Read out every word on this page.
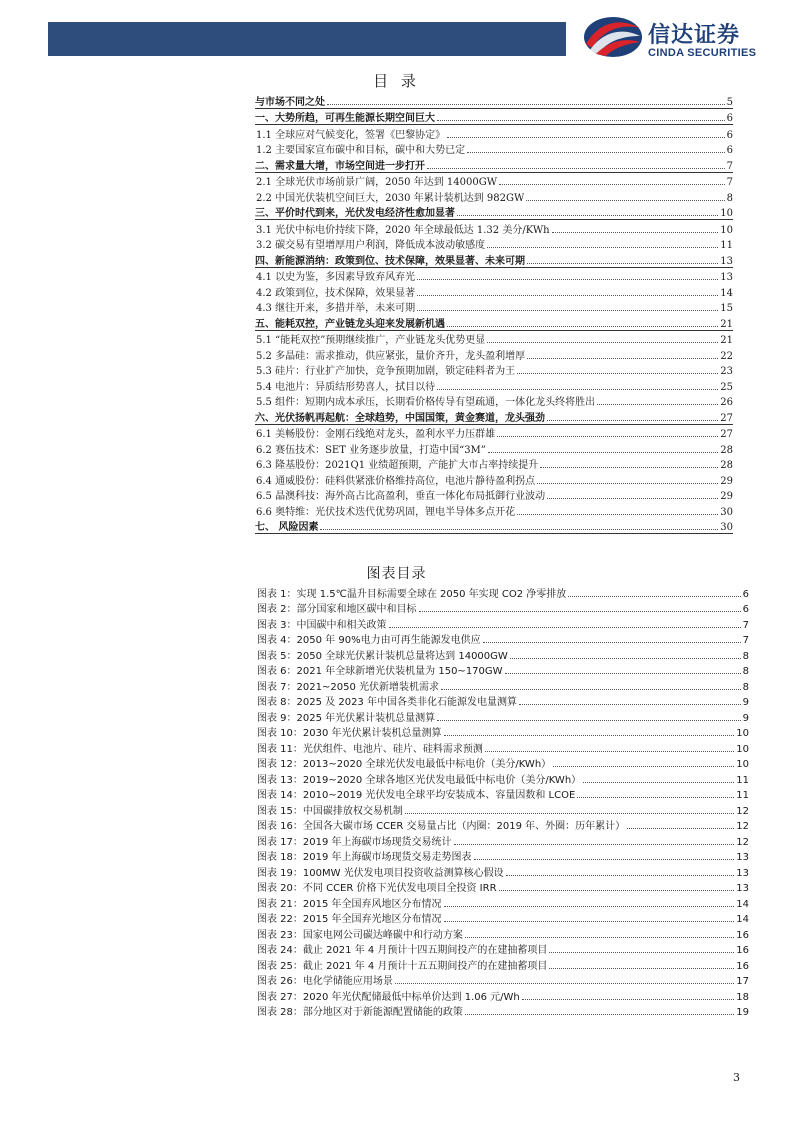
信达证券
CINDA SECURITIES
目 录
与市场不同之处	5
一、大势所趋，可再生能源长期空间巨大	6
1.1 全球应对气候变化，签署《巴黎协定》	6
1.2 主要国家宣布碳中和目标，碳中和大势已定	6
二、需求量大增，市场空间进一步打开	7
2.1 全球光伏市场前景广阔，2050 年达到 14000GW	7
2.2 中国光伏装机空间巨大，2030 年累计装机达到 982GW	8
三、平价时代到来，光伏发电经济性愈加显著	10
3.1 光伏中标电价持续下降，2020 年全球最低达 1.32 美分/KWh	10
3.2 碳交易有望增厚用户利润，降低成本波动敏感度	11
四、新能源消纳：政策到位、技术保障，效果显著、未来可期	13
4.1 以史为鉴，多因素导致弃风弃光	13
4.2 政策到位，技术保障，效果显著	14
4.3 继往开来，多措并举，未来可期	15
五、能耗双控，产业链龙头迎来发展新机遇	21
5.1 “能耗双控”预期继续推广，产业链龙头优势更显	21
5.2 多晶硅：需求推动，供应紧张，量价齐升，龙头盈利增厚	22
5.3 硅片：行业扩产加快，竞争预期加剧，锁定硅料者为王	23
5.4 电池片：异质结形势喜人，拭目以待	25
5.5 组件：短期内成本承压，长期看价格传导有望疏通，一体化龙头终将胜出	26
六、光伏扬帆再起航：全球趋势，中国国策，黄金赛道，龙头强劲	27
6.1 美畅股份：金刚石线绝对龙头，盈利水平力压群雄	27
6.2 赛伍技术：SET 业务逐步放量，打造中国“3M”	28
6.3 隆基股份：2021Q1 业绩超预期，产能扩大市占率持续提升	28
6.4 通威股份：硅料供紧涨价格维持高位，电池片静待盈利拐点	29
6.5 晶澳科技：海外高占比高盈利，垂直一体化布局抵御行业波动	29
6.6 奥特维：光伏技术迭代优势巩固，锂电半导体多点开花	30
七、 风险因素	30
图表目录
图表 1：实现 1.5℃温升目标需要全球在 2050 年实现 CO2 净零排放	6
图表 2：部分国家和地区碳中和目标	6
图表 3：中国碳中和相关政策	7
图表 4：2050 年 90%电力由可再生能源发电供应	7
图表 5：2050 全球光伏累计装机总量将达到 14000GW	8
图表 6：2021 年全球新增光伏装机量为 150~170GW	8
图表 7：2021~2050 光伏新增装机需求	8
图表 8：2025 及 2023 年中国各类非化石能源发电量测算	9
图表 9：2025 年光伏累计装机总量测算	9
图表 10：2030 年光伏累计装机总量测算	10
图表 11：光伏组件、电池片、硅片、硅料需求预测	10
图表 12：2013~2020 全球光伏发电最低中标电价（美分/KWh）	10
图表 13：2019~2020 全球各地区光伏发电最低中标电价（美分/KWh）	11
图表 14：2010~2019 光伏发电全球平均安装成本、容量因数和 LCOE	11
图表 15：中国碳排放权交易机制	12
图表 16：全国各大碳市场 CCER 交易量占比（内圈：2019 年、外圈：历年累计）	12
图表 17：2019 年上海碳市场现货交易统计	12
图表 18：2019 年上海碳市场现货交易走势图表	13
图表 19：100MW 光伏发电项目投资收益测算核心假设	13
图表 20：不同 CCER 价格下光伏发电项目全投资 IRR	13
图表 21：2015 年全国弃风地区分布情况	14
图表 22：2015 年全国弃光地区分布情况	14
图表 23：国家电网公司碳达峰碳中和行动方案	16
图表 24：截止 2021 年 4 月预计十四五期间投产的在建抽蓄项目	16
图表 25：截止 2021 年 4 月预计十五五期间投产的在建抽蓄项目	16
图表 26：电化学储能应用场景	17
图表 27：2020 年光伏配储最低中标单价达到 1.06 元/Wh	18
图表 28：部分地区对于新能源配置储能的政策	19
3
